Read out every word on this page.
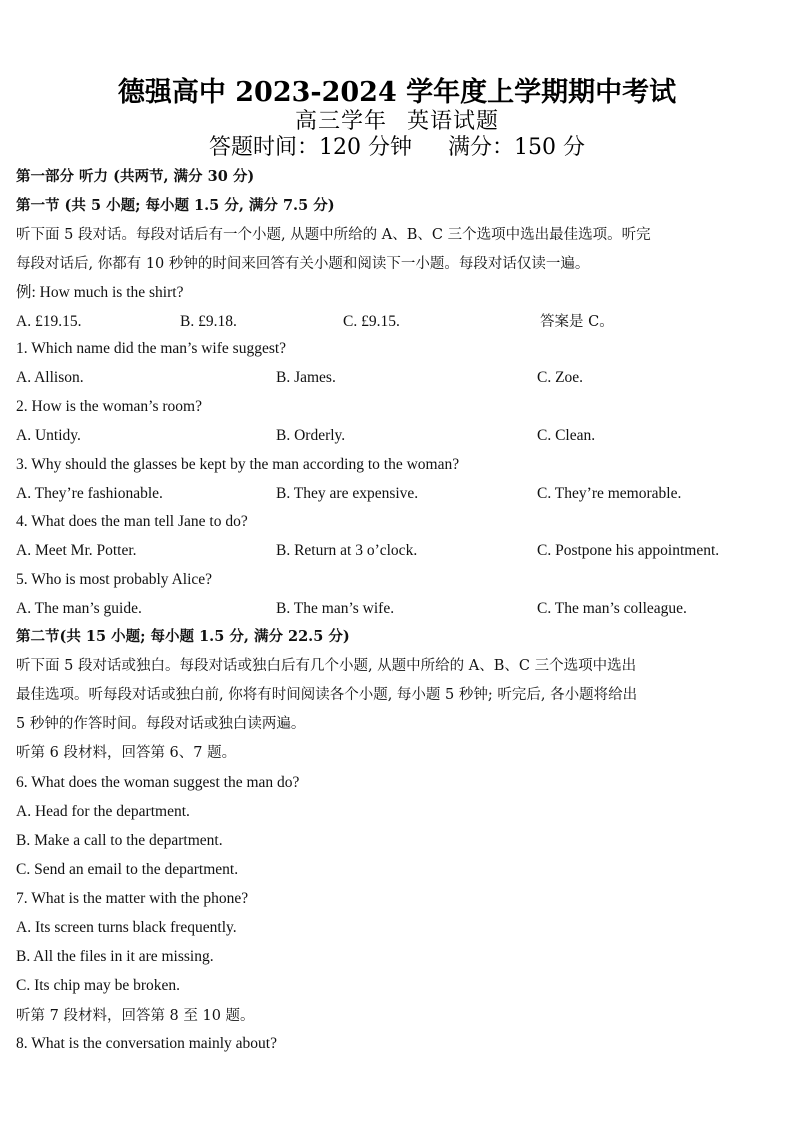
德强高中 2023-2024 学年度上学期期中考试
高三学年 英语试题
答题时间：120 分钟 满分：150 分
第一部分 听力 (共两节, 满分 30 分)
第一节 (共 5 小题; 每小题 1.5 分, 满分 7.5 分)
听下面 5 段对话。每段对话后有一个小题, 从题中所给的 A、B、C 三个选项中选出最佳选项。听完
每段对话后, 你都有 10 秒钟的时间来回答有关小题和阅读下一小题。每段对话仅读一遍。
例: How much is the shirt?
A. £19.15.	B. £9.18.	C. £9.15.	答案是 C。
1. Which name did the man’s wife suggest?
A. Allison.	B. James.	C. Zoe.
2. How is the woman’s room?
A. Untidy.	B. Orderly.	C. Clean.
3. Why should the glasses be kept by the man according to the woman?
A. They’re fashionable.	B. They are expensive.	C. They’re memorable.
4. What does the man tell Jane to do?
A. Meet Mr. Potter.	B. Return at 3 o’clock.	C. Postpone his appointment.
5. Who is most probably Alice?
A. The man’s guide.	B. The man’s wife.	C. The man’s colleague.
第二节(共 15 小题; 每小题 1.5 分, 满分 22.5 分)
听下面 5 段对话或独白。每段对话或独白后有几个小题, 从题中所给的 A、B、C 三个选项中选出
最佳选项。听每段对话或独白前, 你将有时间阅读各个小题, 每小题 5 秒钟; 听完后, 各小题将给出
5 秒钟的作答时间。每段对话或独白读两遍。
听第 6 段材料，回答第 6、7 题。
6. What does the woman suggest the man do?
A. Head for the department.
B. Make a call to the department.
C. Send an email to the department.
7. What is the matter with the phone?
A. Its screen turns black frequently.
B. All the files in it are missing.
C. Its chip may be broken.
听第 7 段材料，回答第 8 至 10 题。
8. What is the conversation mainly about?
